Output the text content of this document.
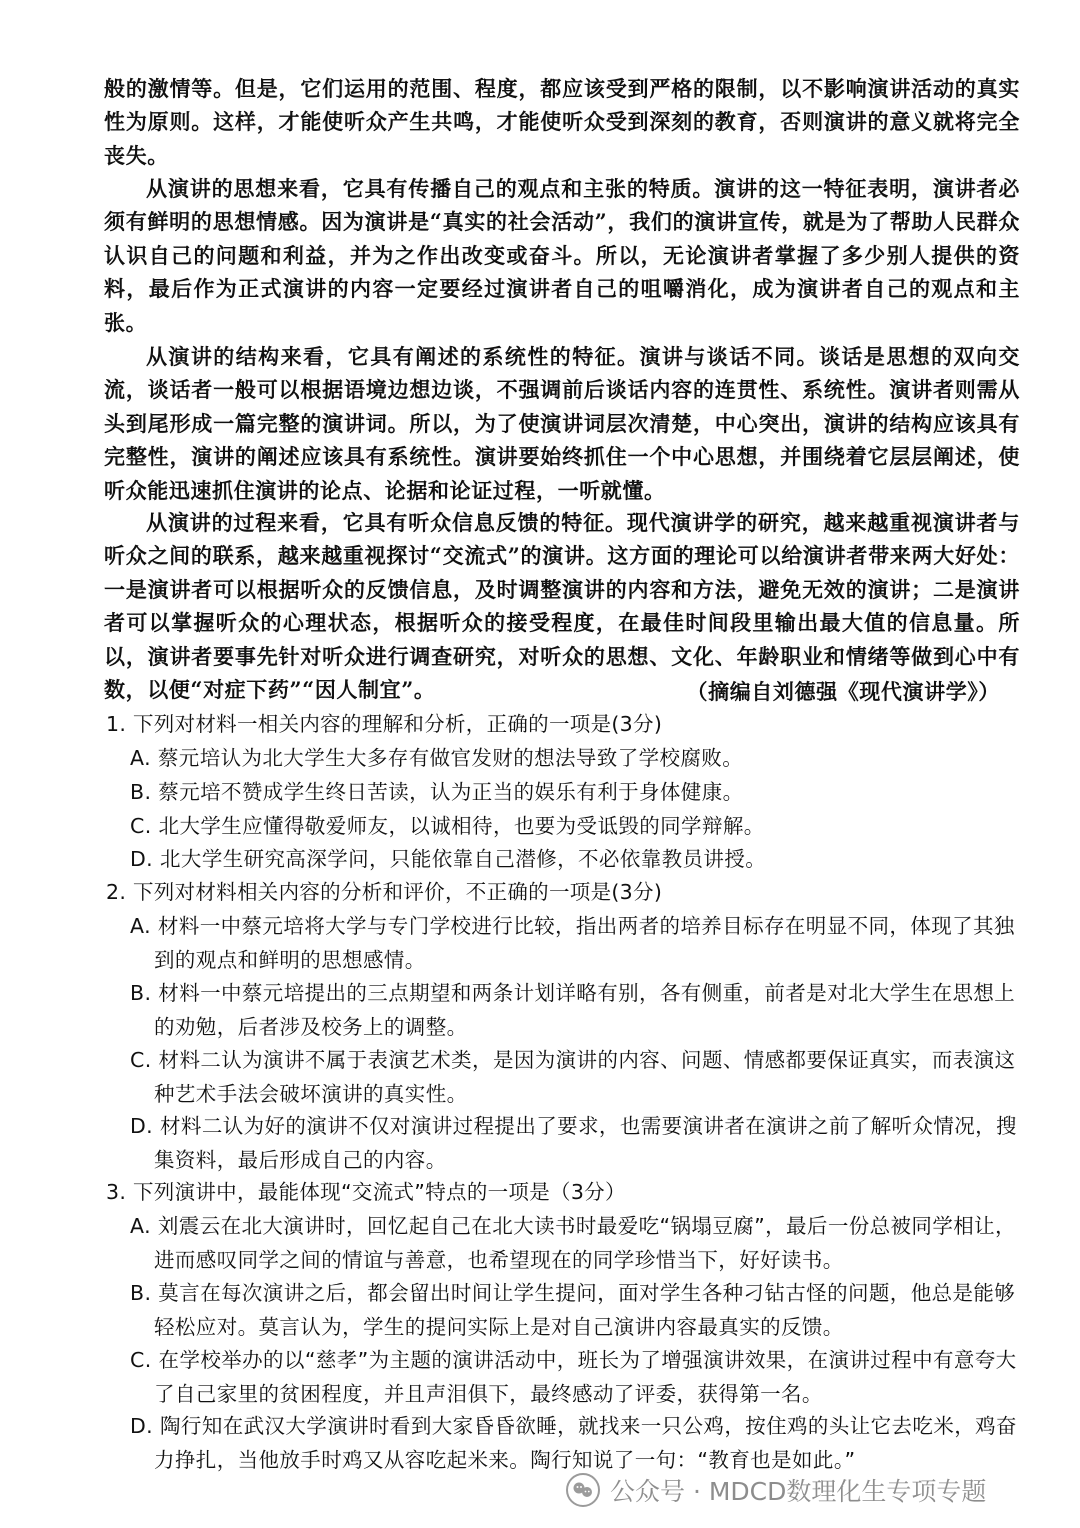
般的激情等。但是，它们运用的范围、程度，都应该受到严格的限制，以不影响演讲活动的真实性为原则。这样，才能使听众产生共鸣，才能使听众受到深刻的教育，否则演讲的意义就将完全丧失。

从演讲的思想来看，它具有传播自己的观点和主张的特质。演讲的这一特征表明，演讲者必须有鲜明的思想情感。因为演讲是“真实的社会活动”，我们的演讲宣传，就是为了帮助人民群众认识自己的问题和利益，并为之作出改变或奋斗。所以，无论演讲者掌握了多少别人提供的资料，最后作为正式演讲的内容一定要经过演讲者自己的咀嚼消化，成为演讲者自己的观点和主张。

从演讲的结构来看，它具有阐述的系统性的特征。演讲与谈话不同。谈话是思想的双向交流，谈话者一般可以根据语境边想边谈，不强调前后谈话内容的连贯性、系统性。演讲者则需从头到尾形成一篇完整的演讲词。所以，为了使演讲词层次清楚，中心突出，演讲的结构应该具有完整性，演讲的阐述应该具有系统性。演讲要始终抓住一个中心思想，并围绕着它层层阐述，使听众能迅速抓住演讲的论点、论据和论证过程，一听就懂。

从演讲的过程来看，它具有听众信息反馈的特征。现代演讲学的研究，越来越重视演讲者与听众之间的联系，越来越重视探讨“交流式”的演讲。这方面的理论可以给演讲者带来两大好处：一是演讲者可以根据听众的反馈信息，及时调整演讲的内容和方法，避免无效的演讲；二是演讲者可以掌握听众的心理状态，根据听众的接受程度，在最佳时间段里输出最大值的信息量。所以，演讲者要事先针对听众进行调查研究，对听众的思想、文化、年龄职业和情绪等做到心中有数，以便“对症下药”“因人制宜”。	（摘编自刘德强《现代演讲学》）
1. 下列对材料一相关内容的理解和分析，正确的一项是(3分)
A. 蔡元培认为北大学生大多存有做官发财的想法导致了学校腐败。
B. 蔡元培不赞成学生终日苦读，认为正当的娱乐有利于身体健康。
C. 北大学生应懂得敬爱师友，以诚相待，也要为受诋毁的同学辩解。
D. 北大学生研究高深学问，只能依靠自己潜修，不必依靠教员讲授。
2. 下列对材料相关内容的分析和评价，不正确的一项是(3分)
A. 材料一中蔡元培将大学与专门学校进行比较，指出两者的培养目标存在明显不同，体现了其独到的观点和鲜明的思想感情。
B. 材料一中蔡元培提出的三点期望和两条计划详略有别，各有侧重，前者是对北大学生在思想上的劝勉，后者涉及校务上的调整。
C. 材料二认为演讲不属于表演艺术类，是因为演讲的内容、问题、情感都要保证真实，而表演这种艺术手法会破坏演讲的真实性。
D. 材料二认为好的演讲不仅对演讲过程提出了要求，也需要演讲者在演讲之前了解听众情况，搜集资料，最后形成自己的内容。
3. 下列演讲中，最能体现“交流式”特点的一项是（3分）
A. 刘震云在北大演讲时，回忆起自己在北大读书时最爱吃“锅塌豆腐”，最后一份总被同学相让，进而感叹同学之间的情谊与善意，也希望现在的同学珍惜当下，好好读书。
B. 莫言在每次演讲之后，都会留出时间让学生提问，面对学生各种刁钻古怪的问题，他总是能够轻松应对。莫言认为，学生的提问实际上是对自己演讲内容最真实的反馈。
C. 在学校举办的以“慈孝”为主题的演讲活动中，班长为了增强演讲效果，在演讲过程中有意夸大了自己家里的贫困程度，并且声泪俱下，最终感动了评委，获得第一名。
D. 陶行知在武汉大学演讲时看到大家昏昏欲睡，就找来一只公鸡，按住鸡的头让它去吃米，鸡奋力挣扎，当他放手时鸡又从容吃起米来。陶行知说了一句：“教育也是如此。”
公众号 · MDCD数理化生专项专题
